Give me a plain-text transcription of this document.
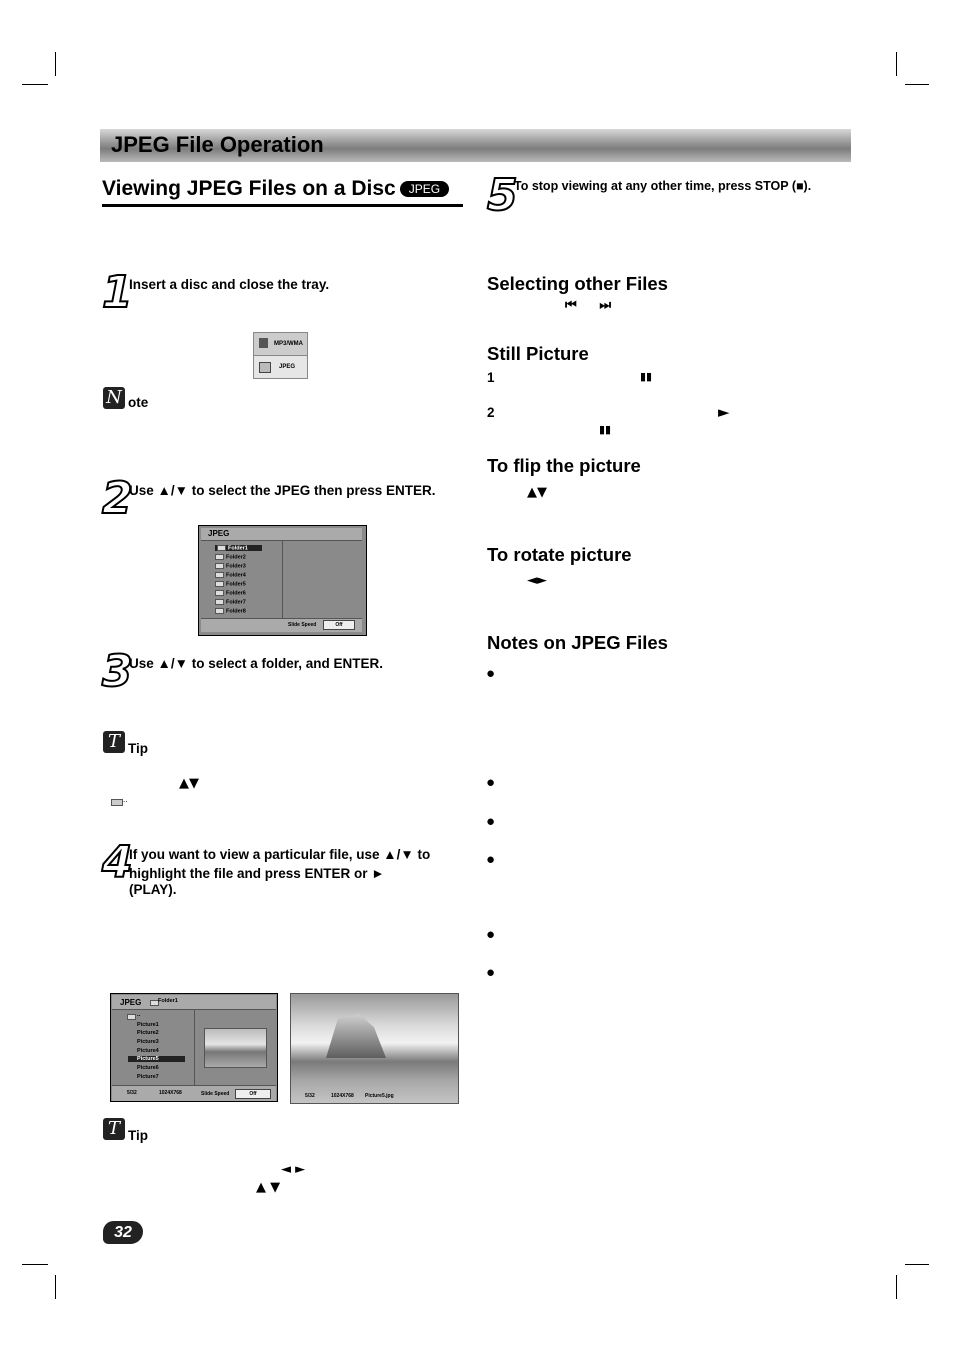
JPEG File Operation
Viewing JPEG Files on a Disc JPEG
1
Insert a disc and close the tray.
MP3/WMA
JPEG
N ote
2
Use ▲/▼ to select the JPEG then press ENTER.
JPEG
Folder1
Folder2
Folder3
Folder4
Folder5
Folder6
Folder7
Folder8
Slide Speed	Off
3
Use ▲/▼ to select a folder, and ENTER.
T Tip
▲▼
..
4
If you want to view a particular file, use ▲/▼ to
highlight the file and press ENTER or ►
(PLAY).
JPEG	Folder1
..
Picture1
Picture2
Picture3
Picture4
Picture5
Picture6
Picture7
5/32	1024X768	Slide Speed	Off	5/32	1024X768 Picture5.jpg
T Tip
◄ ►
▲ ▼
32
5
To stop viewing at any other time, press STOP (■).
Selecting other Files
⏮     ⏭
Still Picture
1	▮▮
2	►
▮▮
To flip the picture
▲▼
To rotate picture
◄►
Notes on JPEG Files
●
●
●
●
●
●
